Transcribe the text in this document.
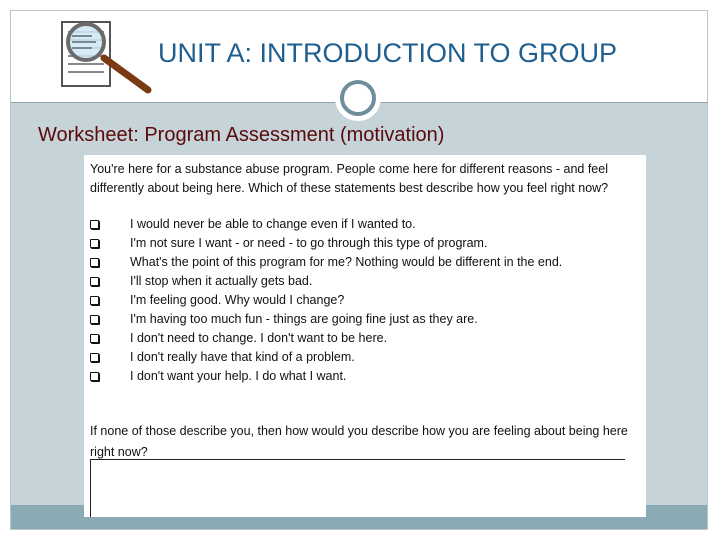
UNIT A: INTRODUCTION TO GROUP
Worksheet: Program Assessment (motivation)
You're here for a substance abuse program. People come here for different reasons - and feel differently about being here. Which of these statements best describe how you feel right now?
I would never be able to change even if I wanted to.
I'm not sure I want - or need - to go through this type of program.
What's the point of this program for me? Nothing would be different in the end.
I'll stop when it actually gets bad.
I'm feeling good. Why would I change?
I'm having too much fun - things are going fine just as they are.
I don't need to change. I don't want to be here.
I don't really have that kind of a problem.
I don't want your help. I do what I want.
If none of those describe you, then how would you describe how you are feeling about being here right now?
